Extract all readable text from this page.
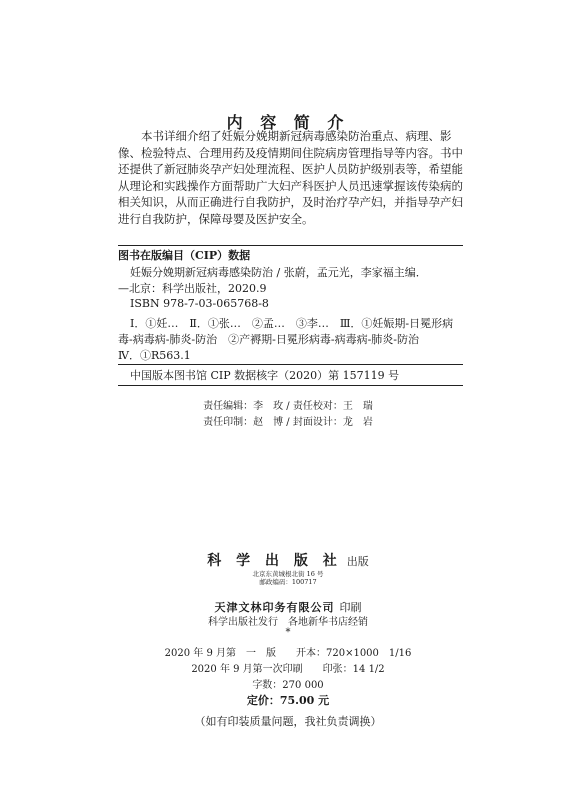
内 容 简 介

本书详细介绍了妊娠分娩期新冠病毒感染防治重点、病理、影像、检验特点、合理用药及疫情期间住院病房管理指导等内容。书中还提供了新冠肺炎孕产妇处理流程、医护人员防护级别表等，希望能从理论和实践操作方面帮助广大妇产科医护人员迅速掌握该传染病的相关知识，从而正确进行自我防护，及时治疗孕产妇，并指导孕产妇进行自我防护，保障母婴及医护安全。

图书在版编目（CIP）数据
妊娠分娩期新冠病毒感染防治 / 张蔚，孟元光，李家福主编．
—北京：科学出版社，2020.9
ISBN 978-7-03-065768-8
Ⅰ．①妊…　Ⅱ．①张…　②孟…　③李…　Ⅲ．①妊娠期-日冕形病
毒-病毒病-肺炎-防治　②产褥期-日冕形病毒-病毒病-肺炎-防治
Ⅳ．①R563.1
中国版本图书馆 CIP 数据核字（2020）第 157119 号
责任编辑：李　玫 / 责任校对：王　瑞
责任印制：赵　博 / 封面设计：龙　岩
科 学 出 版 社 出版
北京东黄城根北街 16 号
邮政编码：100717
天津文林印务有限公司 印刷
科学出版社发行　各地新华书店经销
*
2020 年 9 月第　一　版　　开本：720×1000　1/16
2020 年 9 月第一次印刷　　印张：14 1/2
字数：270 000
定价：75.00 元
（如有印装质量问题，我社负责调换）
